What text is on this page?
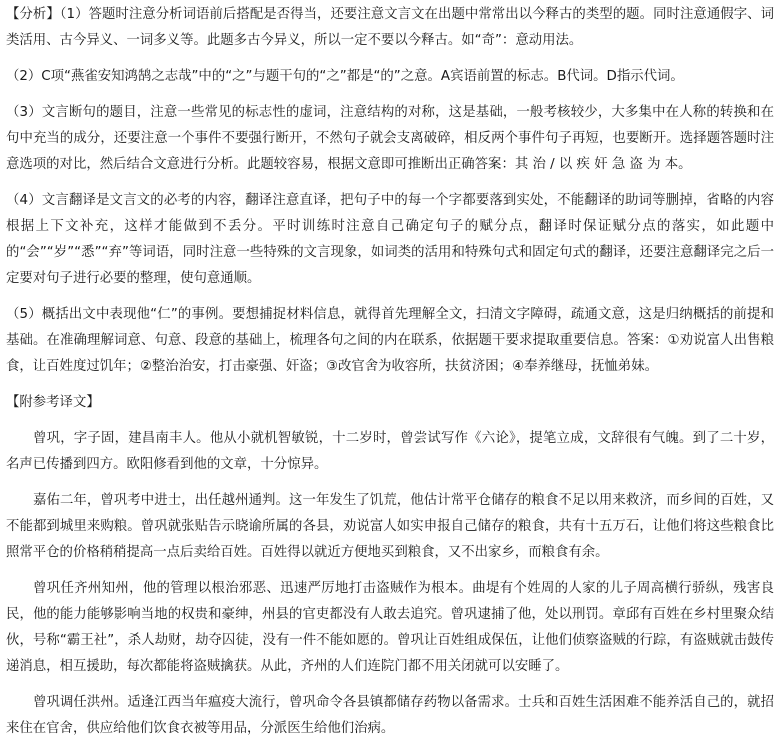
【分析】（1）答题时注意分析词语前后搭配是否得当，还要注意文言文在出题中常常出以今释古的类型的题。同时注意通假字、词类活用、古今异义、一词多义等。此题多古今异义，所以一定不要以今释古。如“奇”：意动用法。

（2）C项“燕雀安知鸿鹄之志哉”中的“之”与题干句的“之”都是“的”之意。A宾语前置的标志。B代词。D指示代词。

（3）文言断句的题目，注意一些常见的标志性的虚词，注意结构的对称，这是基础，一般考核较少，大多集中在人称的转换和在句中充当的成分，还要注意一个事件不要强行断开，不然句子就会支离破碎，相反两个事件句子再短，也要断开。选择题答题时注意选项的对比，然后结合文意进行分析。此题较容易，根据文意即可推断出正确答案：其 治 / 以 疾 奸 急 盗 为 本。

（4）文言翻译是文言文的必考的内容，翻译注意直译，把句子中的每一个字都要落到实处，不能翻译的助词等删掉，省略的内容根据上下文补充，这样才能做到不丢分。平时训练时注意自己确定句子的赋分点，翻译时保证赋分点的落实，如此题中的“会”“岁”“悉”“弃”等词语，同时注意一些特殊的文言现象，如词类的活用和特殊句式和固定句式的翻译，还要注意翻译完之后一定要对句子进行必要的整理，使句意通顺。

（5）概括出文中表现他“仁”的事例。要想捕捉材料信息，就得首先理解全文，扫清文字障碍，疏通文意，这是归纳概括的前提和基础。在准确理解词意、句意、段意的基础上，梳理各句之间的内在联系，依据题干要求提取重要信息。答案：①劝说富人出售粮食，让百姓度过饥年；②整治治安，打击豪强、奸盗；③改官舍为收容所，扶贫济困；④奉养继母，抚恤弟妹。

【附参考译文】

曾巩，字子固，建昌南丰人。他从小就机智敏锐，十二岁时，曾尝试写作《六论》，提笔立成，文辞很有气魄。到了二十岁，名声已传播到四方。欧阳修看到他的文章，十分惊异。

嘉佑二年，曾巩考中进士，出任越州通判。这一年发生了饥荒，他估计常平仓储存的粮食不足以用来救济，而乡间的百姓，又不能都到城里来购粮。曾巩就张贴告示晓谕所属的各县，劝说富人如实申报自己储存的粮食，共有十五万石，让他们将这些粮食比照常平仓的价格稍稍提高一点后卖给百姓。百姓得以就近方便地买到粮食，又不出家乡，而粮食有余。

曾巩任齐州知州，他的管理以根治邪恶、迅速严厉地打击盗贼作为根本。曲堤有个姓周的人家的儿子周高横行骄纵，残害良民，他的能力能够影响当地的权贵和豪绅，州县的官吏都没有人敢去追究。曾巩逮捕了他，处以刑罚。章邱有百姓在乡村里聚众结伙，号称“霸王社”，杀人劫财，劫夺囚徒，没有一件不能如愿的。曾巩让百姓组成保伍，让他们侦察盗贼的行踪，有盗贼就击鼓传递消息，相互援助，每次都能将盗贼擒获。从此，齐州的人们连院门都不用关闭就可以安睡了。

曾巩调任洪州。适逢江西当年瘟疫大流行，曾巩命令各县镇都储存药物以备需求。士兵和百姓生活困难不能养活自己的，就招来住在官舍，供应给他们饮食衣被等用品，分派医生给他们治病。
